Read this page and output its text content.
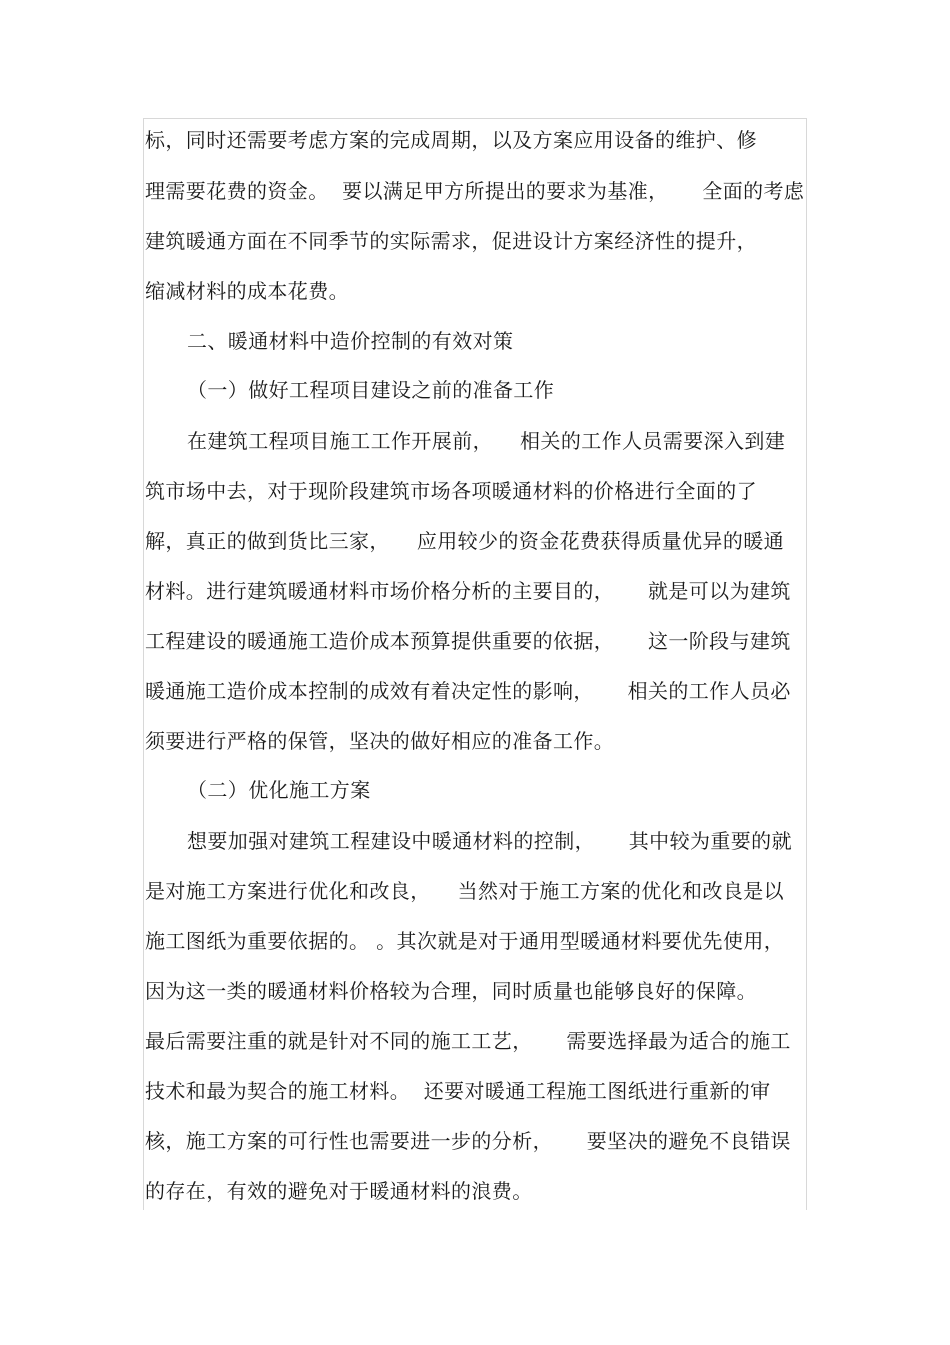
标，同时还需要考虑方案的完成周期，以及方案应用设备的维护、修
理需要花费的资金。  要以满足甲方所提出的要求为基准，     全面的考虑
建筑暖通方面在不同季节的实际需求，促进设计方案经济性的提升，
缩减材料的成本花费。
二、暖通材料中造价控制的有效对策
（一）做好工程项目建设之前的准备工作
在建筑工程项目施工工作开展前，    相关的工作人员需要深入到建
筑市场中去，对于现阶段建筑市场各项暖通材料的价格进行全面的了
解，真正的做到货比三家，    应用较少的资金花费获得质量优异的暖通
材料。进行建筑暖通材料市场价格分析的主要目的，     就是可以为建筑
工程建设的暖通施工造价成本预算提供重要的依据，     这一阶段与建筑
暖通施工造价成本控制的成效有着决定性的影响，     相关的工作人员必
须要进行严格的保管，坚决的做好相应的准备工作。
（二）优化施工方案
想要加强对建筑工程建设中暖通材料的控制，     其中较为重要的就
是对施工方案进行优化和改良，    当然对于施工方案的优化和改良是以
施工图纸为重要依据的。 。其次就是对于通用型暖通材料要优先使用，
因为这一类的暖通材料价格较为合理，同时质量也能够良好的保障。
最后需要注重的就是针对不同的施工工艺，     需要选择最为适合的施工
技术和最为契合的施工材料。  还要对暖通工程施工图纸进行重新的审
核，施工方案的可行性也需要进一步的分析，     要坚决的避免不良错误
的存在，有效的避免对于暖通材料的浪费。
